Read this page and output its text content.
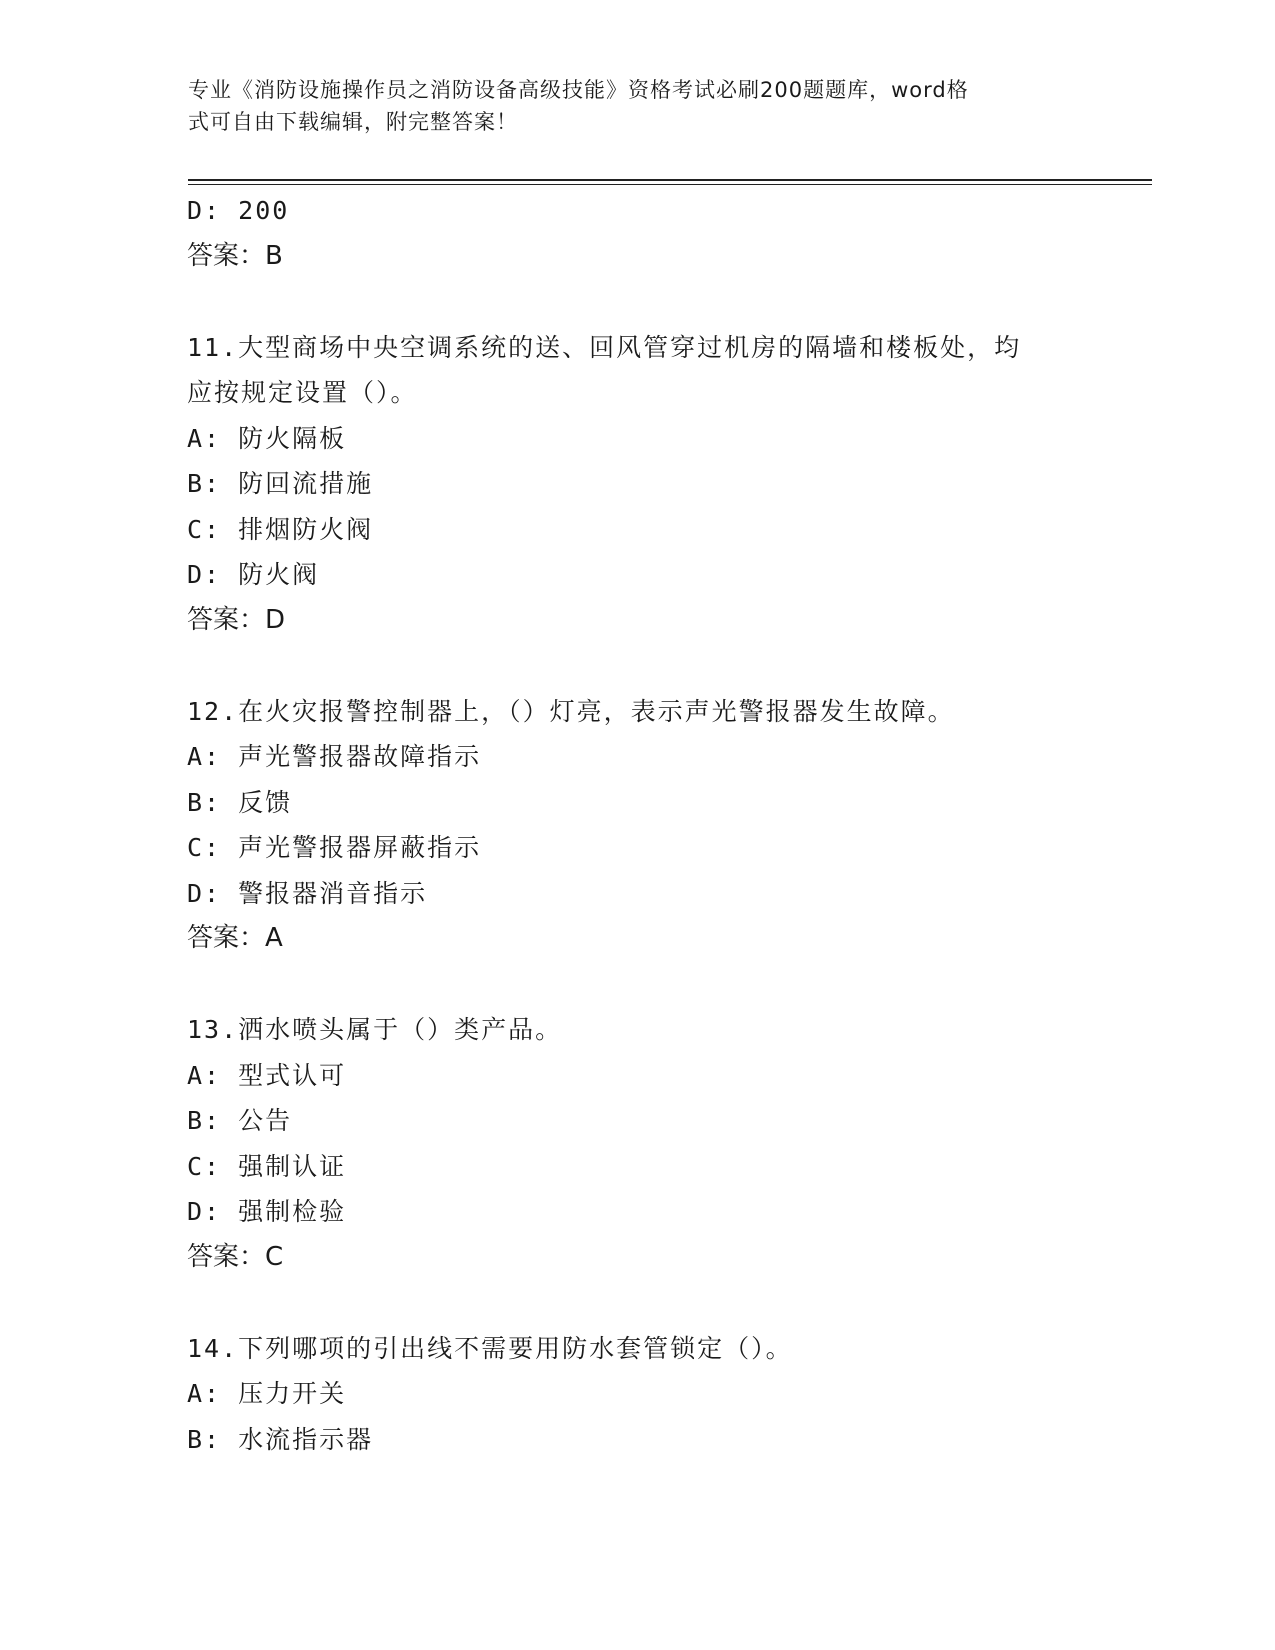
专业《消防设施操作员之消防设备高级技能》资格考试必刷200题题库，word格
式可自由下载编辑，附完整答案！
D: 200
答案：B
11.大型商场中央空调系统的送、回风管穿过机房的隔墙和楼板处，均
应按规定设置（）。
A: 防火隔板
B: 防回流措施
C: 排烟防火阀
D: 防火阀
答案：D
12.在火灾报警控制器上，（）灯亮，表示声光警报器发生故障。
A: 声光警报器故障指示
B: 反馈
C: 声光警报器屏蔽指示
D: 警报器消音指示
答案：A
13.洒水喷头属于（）类产品。
A: 型式认可
B: 公告
C: 强制认证
D: 强制检验
答案：C
14.下列哪项的引出线不需要用防水套管锁定（）。
A: 压力开关
B: 水流指示器
